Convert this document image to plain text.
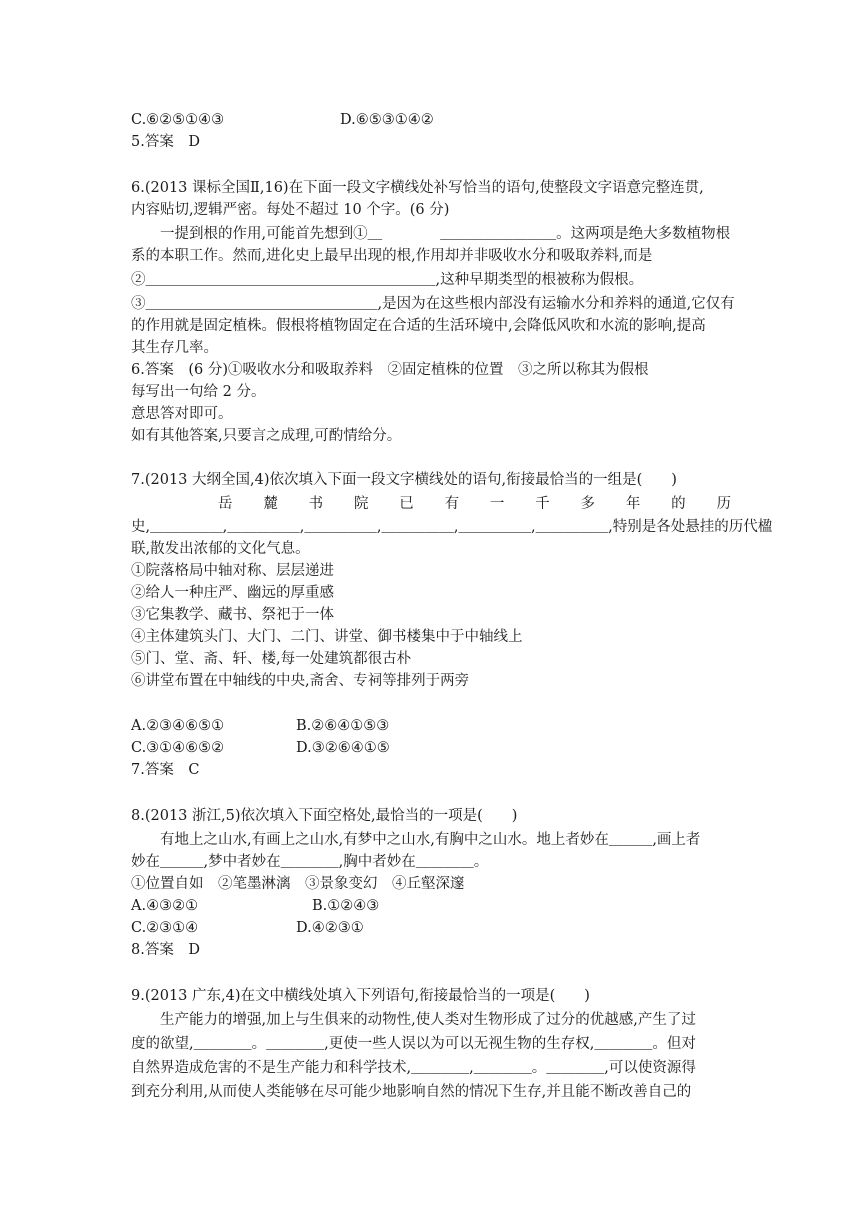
C.⑥②⑤①④③	D.⑥⑤③①④②
5.答案　D
6.(2013 课标全国Ⅱ,16)在下面一段文字横线处补写恰当的语句,使整段文字语意完整连贯,
内容贴切,逻辑严密。每处不超过 10 个字。(6 分)
一提到根的作用,可能首先想到①＿　　　　＿＿＿＿＿＿＿＿。这两项是绝大多数植物根
系的本职工作。然而,进化史上最早出现的根,作用却并非吸收水分和吸取养料,而是
②＿＿＿＿＿＿＿＿＿＿＿＿＿＿＿＿＿＿＿＿,这种早期类型的根被称为假根。
③＿＿＿＿＿＿＿＿＿＿＿＿＿＿＿＿,是因为在这些根内部没有运输水分和养料的通道,它仅有
的作用就是固定植株。假根将植物固定在合适的生活环境中,会降低风吹和水流的影响,提高
其生存几率。
6.答案　(6 分)①吸收水分和吸取养料　②固定植株的位置　③之所以称其为假根
每写出一句给 2 分。
意思答对即可。
如有其他答案,只要言之成理,可酌情给分。
7.(2013 大纲全国,4)依次填入下面一段文字横线处的语句,衔接最恰当的一组是(　　)
岳麓书院已有一千多年的历
史,＿＿＿＿＿,＿＿＿＿＿,＿＿＿＿＿,＿＿＿＿＿,＿＿＿＿＿,＿＿＿＿＿,特别是各处悬挂的历代楹
联,散发出浓郁的文化气息。
①院落格局中轴对称、层层递进
②给人一种庄严、幽远的厚重感
③它集教学、藏书、祭祀于一体
④主体建筑头门、大门、二门、讲堂、御书楼集中于中轴线上
⑤门、堂、斋、轩、楼,每一处建筑都很古朴
⑥讲堂布置在中轴线的中央,斋舍、专祠等排列于两旁
A.②③④⑥⑤①	B.②⑥④①⑤③
C.③①④⑥⑤②	D.③②⑥④①⑤
7.答案　C
8.(2013 浙江,5)依次填入下面空格处,最恰当的一项是(　　)
有地上之山水,有画上之山水,有梦中之山水,有胸中之山水。地上者妙在＿＿＿,画上者
妙在＿＿＿,梦中者妙在＿＿＿＿,胸中者妙在＿＿＿＿。
①位置自如　②笔墨淋漓　③景象变幻　④丘壑深邃
A.④③②①	B.①②④③
C.②③①④	D.④②③①
8.答案　D
9.(2013 广东,4)在文中横线处填入下列语句,衔接最恰当的一项是(　　)
生产能力的增强,加上与生俱来的动物性,使人类对生物形成了过分的优越感,产生了过
度的欲望,＿＿＿＿。＿＿＿＿,更使一些人误以为可以无视生物的生存权,＿＿＿＿。但对
自然界造成危害的不是生产能力和科学技术,＿＿＿＿,＿＿＿＿。＿＿＿＿,可以使资源得
到充分利用,从而使人类能够在尽可能少地影响自然的情况下生存,并且能不断改善自己的
